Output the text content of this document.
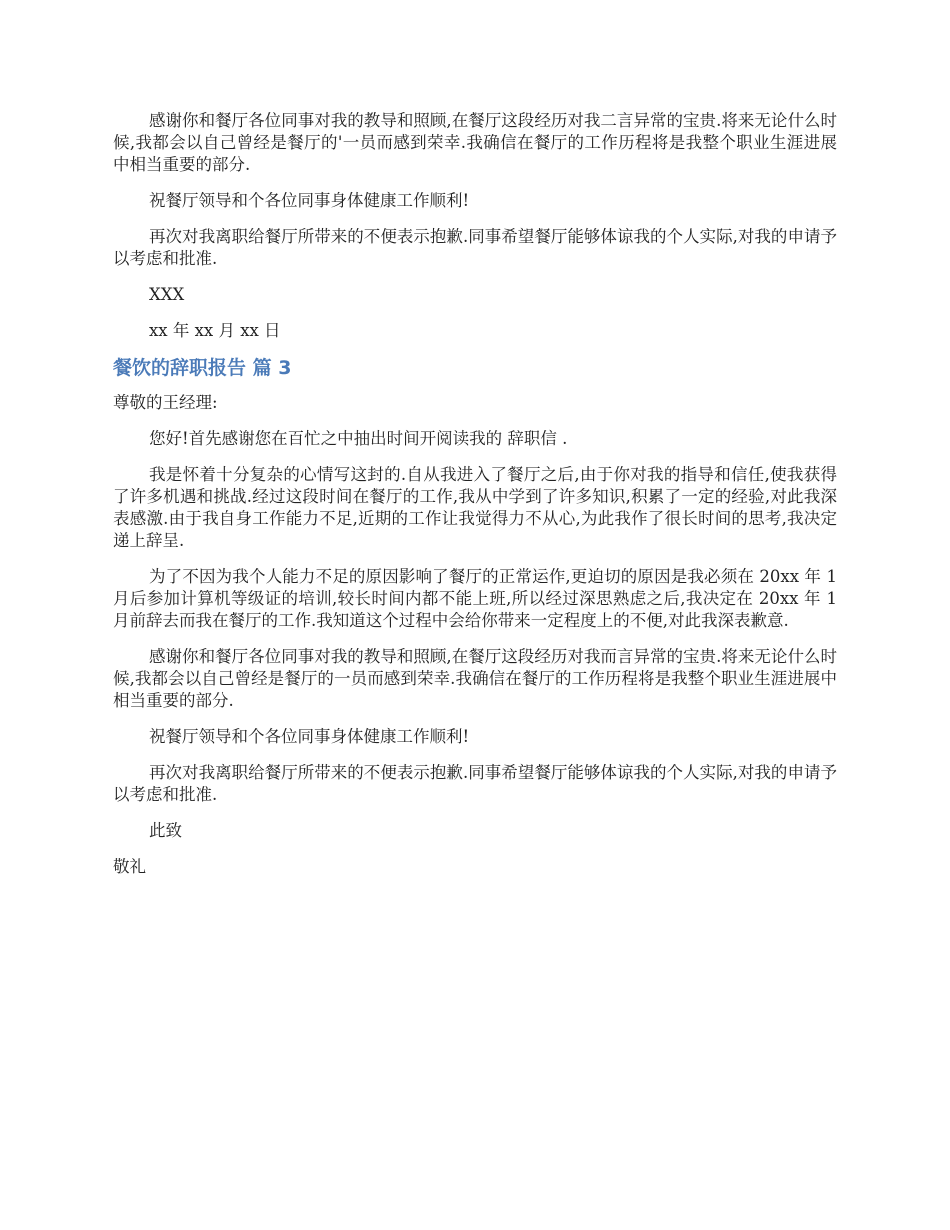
感谢你和餐厅各位同事对我的教导和照顾,在餐厅这段经历对我二言异常的宝贵.将来无论什么时候,我都会以自己曾经是餐厅的'一员而感到荣幸.我确信在餐厅的工作历程将是我整个职业生涯进展中相当重要的部分.

祝餐厅领导和个各位同事身体健康工作顺利!

再次对我离职给餐厅所带来的不便表示抱歉.同事希望餐厅能够体谅我的个人实际,对我的申请予以考虑和批准.

XXX

xx 年 xx 月 xx 日

餐饮的辞职报告 篇 3

尊敬的王经理:

您好!首先感谢您在百忙之中抽出时间开阅读我的 辞职信 .

我是怀着十分复杂的心情写这封的.自从我进入了餐厅之后,由于你对我的指导和信任,使我获得了许多机遇和挑战.经过这段时间在餐厅的工作,我从中学到了许多知识,积累了一定的经验,对此我深表感激.由于我自身工作能力不足,近期的工作让我觉得力不从心,为此我作了很长时间的思考,我决定递上辞呈.

为了不因为我个人能力不足的原因影响了餐厅的正常运作,更迫切的原因是我必须在 20xx 年 1 月后参加计算机等级证的培训,较长时间内都不能上班,所以经过深思熟虑之后,我决定在 20xx 年 1 月前辞去而我在餐厅的工作.我知道这个过程中会给你带来一定程度上的不便,对此我深表歉意.

感谢你和餐厅各位同事对我的教导和照顾,在餐厅这段经历对我而言异常的宝贵.将来无论什么时候,我都会以自己曾经是餐厅的一员而感到荣幸.我确信在餐厅的工作历程将是我整个职业生涯进展中相当重要的部分.

祝餐厅领导和个各位同事身体健康工作顺利!

再次对我离职给餐厅所带来的不便表示抱歉.同事希望餐厅能够体谅我的个人实际,对我的申请予以考虑和批准.

此致

敬礼
